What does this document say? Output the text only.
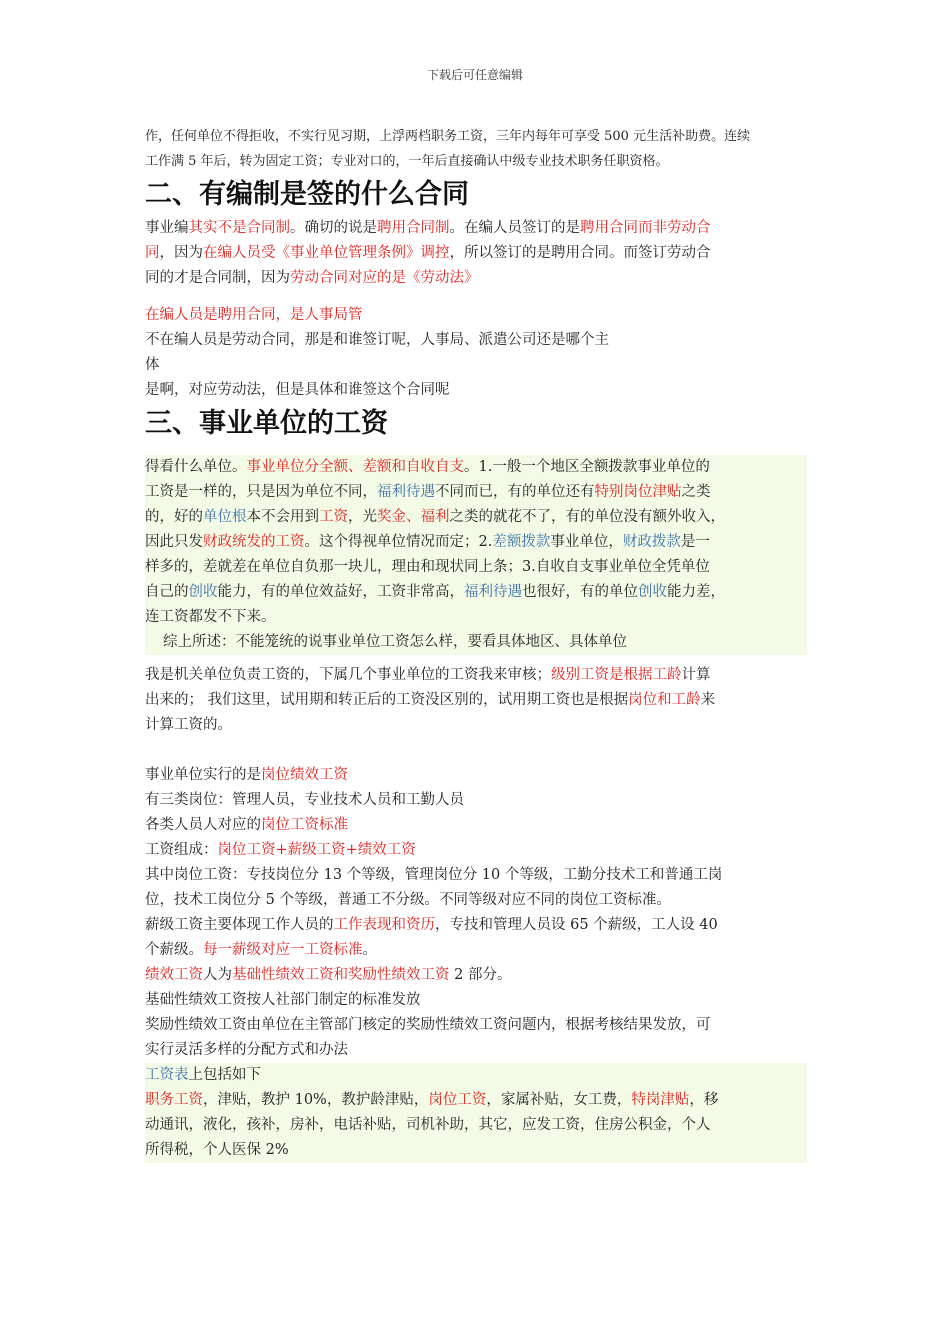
下载后可任意编辑
作，任何单位不得拒收，不实行见习期，上浮两档职务工资，三年内每年可享受 500 元生活补助费。连续
工作满 5 年后，转为固定工资；专业对口的，一年后直接确认中级专业技术职务任职资格。
二、有编制是签的什么合同
事业编其实不是合同制。确切的说是聘用合同制。在编人员签订的是聘用合同而非劳动合
同，因为在编人员受《事业单位管理条例》调控，所以签订的是聘用合同。而签订劳动合
同的才是合同制，因为劳动合同对应的是《劳动法》
在编人员是聘用合同，是人事局管
不在编人员是劳动合同，那是和谁签订呢，人事局、派遣公司还是哪个主
体
是啊，对应劳动法，但是具体和谁签这个合同呢
三、事业单位的工资
得看什么单位。事业单位分全额、差额和自收自支。1.一般一个地区全额拨款事业单位的
工资是一样的，只是因为单位不同，福利待遇不同而已，有的单位还有特别岗位津贴之类
的，好的单位根本不会用到工资，光奖金、福利之类的就花不了，有的单位没有额外收入，
因此只发财政统发的工资。这个得视单位情况而定；2.差额拨款事业单位，财政拨款是一
样多的，差就差在单位自负那一块儿，理由和现状同上条；3.自收自支事业单位全凭单位
自己的创收能力，有的单位效益好，工资非常高，福利待遇也很好，有的单位创收能力差，
连工资都发不下来。
综上所述：不能笼统的说事业单位工资怎么样，要看具体地区、具体单位
我是机关单位负责工资的，下属几个事业单位的工资我来审核；级别工资是根据工龄计算
出来的； 我们这里，试用期和转正后的工资没区别的，试用期工资也是根据岗位和工龄来
计算工资的。
事业单位实行的是岗位绩效工资
有三类岗位：管理人员，专业技术人员和工勤人员
各类人员人对应的岗位工资标准
工资组成：岗位工资+薪级工资+绩效工资
其中岗位工资：专技岗位分 13 个等级，管理岗位分 10 个等级，工勤分技术工和普通工岗
位，技术工岗位分 5 个等级，普通工不分级。不同等级对应不同的岗位工资标准。
薪级工资主要体现工作人员的工作表现和资历，专技和管理人员设 65 个薪级，工人设 40
个薪级。每一薪级对应一工资标准。
绩效工资人为基础性绩效工资和奖励性绩效工资 2 部分。
基础性绩效工资按人社部门制定的标准发放
奖励性绩效工资由单位在主管部门核定的奖励性绩效工资问题内，根据考核结果发放，可
实行灵活多样的分配方式和办法
工资表上包括如下
职务工资，津贴，教护 10%，教护龄津贴，岗位工资，家属补贴，女工费，特岗津贴，移
动通讯，液化，孩补，房补，电话补贴，司机补助，其它，应发工资，住房公积金，个人
所得税，个人医保 2%
